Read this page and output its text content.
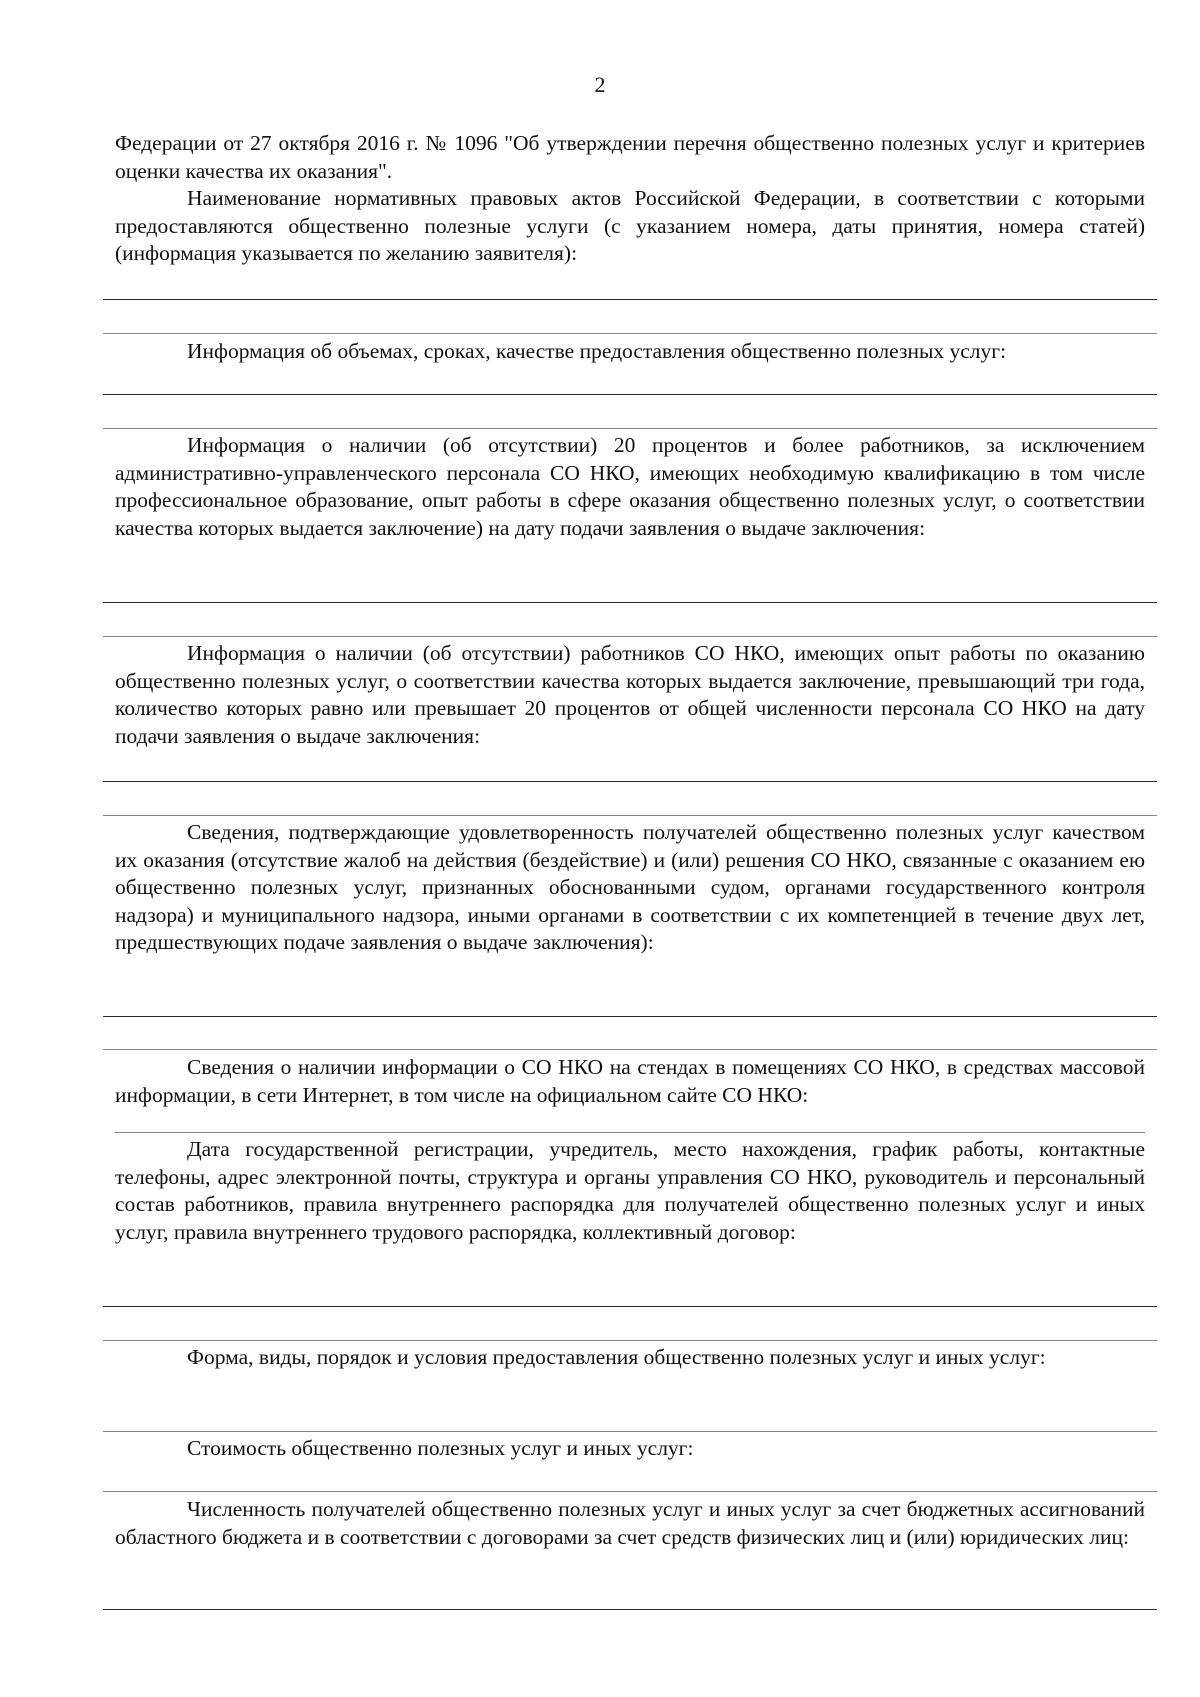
2

Федерации от 27 октября 2016 г. № 1096 "Об утверждении перечня общественно полезных услуг и критериев оценки качества их оказания".

Наименование нормативных правовых актов Российской Федерации, в соответствии с которыми предоставляются общественно полезные услуги (с указанием номера, даты принятия, номера статей) (информация указывается по желанию заявителя):

Информация об объемах, сроках, качестве предоставления общественно полезных услуг:

Информация о наличии (об отсутствии) 20 процентов и более работников, за исключением административно-управленческого персонала СО НКО, имеющих необходимую квалификацию в том числе профессиональное образование, опыт работы в сфере оказания общественно полезных услуг, о соответствии качества которых выдается заключение) на дату подачи заявления о выдаче заключения:

Информация о наличии (об отсутствии) работников СО НКО, имеющих опыт работы по оказанию общественно полезных услуг, о соответствии качества которых выдается заключение, превышающий три года, количество которых равно или превышает 20 процентов от общей численности персонала СО НКО на дату подачи заявления о выдаче заключения:

Сведения, подтверждающие удовлетворенность получателей общественно полезных услуг качеством их оказания (отсутствие жалоб на действия (бездействие) и (или) решения СО НКО, связанные с оказанием ею общественно полезных услуг, признанных обоснованными судом, органами государственного контроля надзора) и муниципального надзора, иными органами в соответствии с их компетенцией в течение двух лет, предшествующих подаче заявления о выдаче заключения):

Сведения о наличии информации о СО НКО на стендах в помещениях СО НКО, в средствах массовой информации, в сети Интернет, в том числе на официальном сайте СО НКО:

Дата государственной регистрации, учредитель, место нахождения, график работы, контактные телефоны, адрес электронной почты, структура и органы управления СО НКО, руководитель и персональный состав работников, правила внутреннего распорядка для получателей общественно полезных услуг и иных услуг, правила внутреннего трудового распорядка, коллективный договор:

Форма, виды, порядок и условия предоставления общественно полезных услуг и иных услуг:

Стоимость общественно полезных услуг и иных услуг:

Численность получателей общественно полезных услуг и иных услуг за счет бюджетных ассигнований областного бюджета и в соответствии с договорами за счет средств физических лиц и (или) юридических лиц:
